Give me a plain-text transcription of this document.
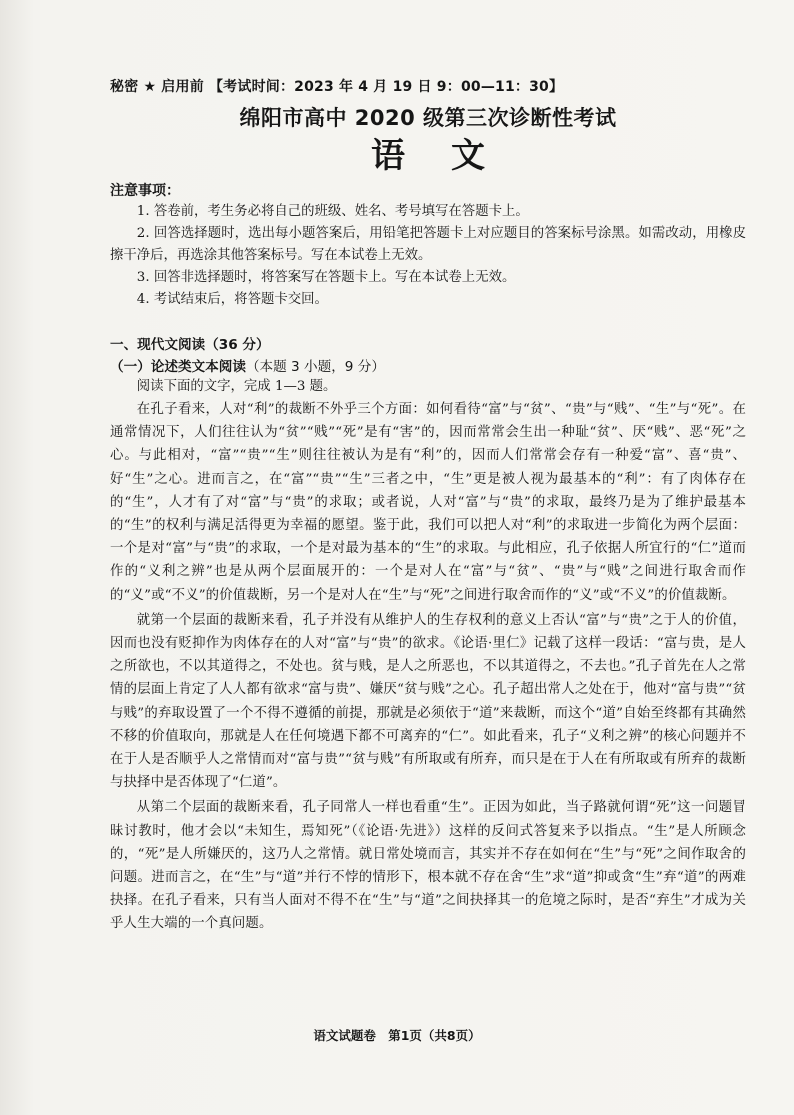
秘密 ★ 启用前 【考试时间：2023 年 4 月 19 日 9：00—11：30】
绵阳市高中 2020 级第三次诊断性考试
语文
注意事项：

1. 答卷前，考生务必将自己的班级、姓名、考号填写在答题卡上。

2. 回答选择题时，选出每小题答案后，用铅笔把答题卡上对应题目的答案标号涂黑。如需改动，用橡皮擦干净后，再选涂其他答案标号。写在本试卷上无效。

3. 回答非选择题时，将答案写在答题卡上。写在本试卷上无效。

4. 考试结束后，将答题卡交回。

一、现代文阅读（36 分）
（一）论述类文本阅读（本题 3 小题，9 分）

阅读下面的文字，完成 1—3 题。

在孔子看来，人对“利”的裁断不外乎三个方面：如何看待“富”与“贫”、“贵”与“贱”、“生”与“死”。在通常情况下，人们往往认为“贫”“贱”“死”是有“害”的，因而常常会生出一种耻“贫”、厌“贱”、恶“死”之心。与此相对，“富”“贵”“生”则往往被认为是有“利”的，因而人们常常会存有一种爱“富”、喜“贵”、好“生”之心。进而言之，在“富”“贵”“生”三者之中，“生”更是被人视为最基本的“利”：有了肉体存在的“生”，人才有了对“富”与“贵”的求取；或者说，人对“富”与“贵”的求取，最终乃是为了维护最基本的“生”的权利与满足活得更为幸福的愿望。鉴于此，我们可以把人对“利”的求取进一步简化为两个层面：一个是对“富”与“贵”的求取，一个是对最为基本的“生”的求取。与此相应，孔子依据人所宜行的“仁”道而作的“义利之辨”也是从两个层面展开的：一个是对人在“富”与“贫”、“贵”与“贱”之间进行取舍而作的“义”或“不义”的价值裁断，另一个是对人在“生”与“死”之间进行取舍而作的“义”或“不义”的价值裁断。

就第一个层面的裁断来看，孔子并没有从维护人的生存权利的意义上否认“富”与“贵”之于人的价值，因而也没有贬抑作为肉体存在的人对“富”与“贵”的欲求。《论语·里仁》记载了这样一段话：“富与贵，是人之所欲也，不以其道得之，不处也。贫与贱，是人之所恶也，不以其道得之，不去也。”孔子首先在人之常情的层面上肯定了人人都有欲求“富与贵”、嫌厌“贫与贱”之心。孔子超出常人之处在于，他对“富与贵”“贫与贱”的弃取设置了一个不得不遵循的前提，那就是必须依于“道”来裁断，而这个“道”自始至终都有其确然不移的价值取向，那就是人在任何境遇下都不可离弃的“仁”。如此看来，孔子“义利之辨”的核心问题并不在于人是否顺乎人之常情而对“富与贵”“贫与贱”有所取或有所弃，而只是在于人在有所取或有所弃的裁断与抉择中是否体现了“仁道”。

从第二个层面的裁断来看，孔子同常人一样也看重“生”。正因为如此，当子路就何谓“死”这一问题冒昧讨教时，他才会以“未知生，焉知死”（《论语·先进》）这样的反问式答复来予以指点。“生”是人所顾念的，“死”是人所嫌厌的，这乃人之常情。就日常处境而言，其实并不存在如何在“生”与“死”之间作取舍的问题。进而言之，在“生”与“道”并行不悖的情形下，根本就不存在舍“生”求“道”抑或贪“生”弃“道”的两难抉择。在孔子看来，只有当人面对不得不在“生”与“道”之间抉择其一的危境之际时，是否“弃生”才成为关乎人生大端的一个真问题。

语文试题卷 第1页（共8页）
